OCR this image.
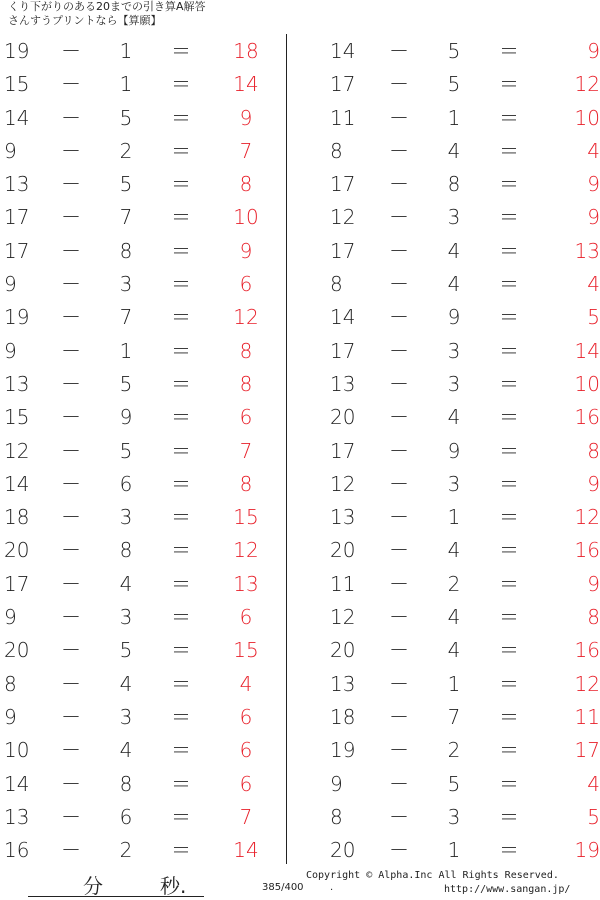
くり下がりのある20までの引き算A解答
さんすうプリントなら【算願】
19	－	1	＝	18
15	－	1	＝	14
14	－	5	＝	9
9	－	2	＝	7
13	－	5	＝	8
17	－	7	＝	10
17	－	8	＝	9
9	－	3	＝	6
19	－	7	＝	12
9	－	1	＝	8
13	－	5	＝	8
15	－	9	＝	6
12	－	5	＝	7
14	－	6	＝	8
18	－	3	＝	15
20	－	8	＝	12
17	－	4	＝	13
9	－	3	＝	6
20	－	5	＝	15
8	－	4	＝	4
9	－	3	＝	6
10	－	4	＝	6
14	－	8	＝	6
13	－	6	＝	7
16	－	2	＝	14
14	－	5	＝	9
17	－	5	＝	12
11	－	1	＝	10
8	－	4	＝	4
17	－	8	＝	9
12	－	3	＝	9
17	－	4	＝	13
8	－	4	＝	4
14	－	9	＝	5
17	－	3	＝	14
13	－	3	＝	10
20	－	4	＝	16
17	－	9	＝	8
12	－	3	＝	9
13	－	1	＝	12
20	－	4	＝	16
11	－	2	＝	9
12	－	4	＝	8
20	－	4	＝	16
13	－	1	＝	12
18	－	7	＝	11
19	－	2	＝	17
9	－	5	＝	4
8	－	3	＝	5
20	－	1	＝	19
分	秒.	385/400	.
Copyright © Alpha.Inc All Rights Reserved.
http://www.sangan.jp/
